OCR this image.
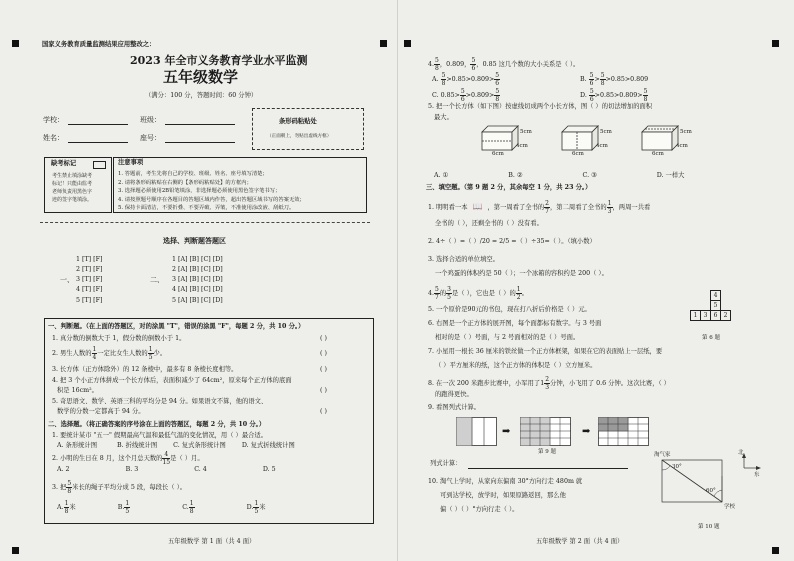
国家义务教育质量监测结果应用整改之：
2023 年全市义务教育学业水平监测
五年级数学
（满分：100 分，答题时间：60 分钟）
学校：	班级：
姓名：	座号：
条形码粘贴处
（正面朝上，勿贴出虚线方框）
缺考标记
考生禁止填涂缺考
标记！只能由监考
老师负责用黑色字
迹的签字笔填涂。
注意事项
1. 答题前，考生先将自己的学校、班级、姓名、座号填写清楚；
2. 请将条形码粘贴在右侧的【条形码粘贴处】的方框内；
3. 选择题必须使用2B铅笔填涂，非选择题必须使用黑色签字笔书写；
4. 请按照题号顺序在各题目的答题区域内作答，超出答题区域书写的答案无效；
5. 保持卡面清洁，不要折叠、不要弄破、弄皱，不准使用涂改液、刮纸刀。
选择、判断题答题区
一、
1 [T] [F]
2 [T] [F]
3 [T] [F]
4 [T] [F]
5 [T] [F]
二、
1 [A] [B] [C] [D]
2 [A] [B] [C] [D]
3 [A] [B] [C] [D]
4 [A] [B] [C] [D]
5 [A] [B] [C] [D]
一、判断题。（在上面的答题区，对的涂黑 "T"，错误的涂黑 "F"，每题 2 分，共 10 分。）
1. 真分数的倒数大于 1，假分数的倒数小于 1。	( )
2. 男生人数的 $\frac{1}{4}$ 一定比女生人数的 $\frac{1}{5}$ 少。	( )
3. 长方体（正方体除外）的 12 条棱中，最多有 8 条棱长度相等。	( )
4. 把 3 个小正方体拼成一个长方体后，表面积减少了 64cm²，原来每个正方体的底面
积是 16cm²。	( )
5. 奇思语文、数学、英语三科的平均分是 94 分。如果语文不算，他的语文、
数学的分数一定都高于 94 分。	( )
二、选择题。（将正确答案的序号涂在上面的答题区，每题 2 分，共 10 分。）
1. 要统计某市 "五一" 假期最高气温和最低气温的变化情况，用（ ）最合适。
A. 条形统计图	B. 折线统计图	C. 复式条形统计图	D. 复式折线统计图
2. 小明的生日在 8 月，这个月总天数的 $\frac{4}{15}$ 是（ ）月。
A. 2	B. 3	C. 4	D. 5
3. 把 $\frac{5}{8}$ 米长的绳子平均分成 5 段，每段长（ ）。
A. $\frac{1}{8}$ 米	B. $\frac{1}{5}$	C. $\frac{1}{8}$	D. $\frac{1}{5}$ 米
五年级数学 第 1 面（共 4 面）
4. $\frac{5}{8}$ ，0.809， $\frac{5}{6}$ ，0.85 这几个数的大小关系是（ ）。
A. $\frac{5}{8} >0.85>0.809> \frac{5}{6}$	B. $\frac{5}{6} > \frac{5}{8} >0.85>0.809$
C. $0.85> \frac{5}{6} >0.809> \frac{5}{8}$	D. $\frac{5}{6} >0.85>0.809> \frac{5}{8}$
5. 把一个长方体（如下图）按虚线切成两个小长方体，图（ ）的切法增加的面积
最大。
5cm
4cm
6cm
5cm
4cm
6cm
5cm
4cm
6cm
A. ①	B. ②	C. ③	D. 一样大
三、填空题。（第 9 题 2 分，其余每空 1 分，共 23 分。）
1. 明明看一本 📖 ，第一周看了全书的 $\frac{2}{7}$ ，第二周看了全书的 $\frac{1}{3}$ ，两周一共看
全书的（ ），还剩全书的（ ）没有看。
2. 4÷（ ）=（ ）/20 = 2/5 =（ ）÷35=（ ）。（填小数）
3. 选择合适的单位填空。
一个鸡蛋的体积约是 50（ ）；一个冰箱的容积约是 200（ ）。
4. $\frac{5}{7}$ 的 $\frac{3}{5}$ 是（ ），它也是（ ）的 $\frac{1}{2}$ 。
5. 一个原价是90元的书包，现在打八折后价格是（ ）元。
6. 右图是一个正方体的展开图，每个面都标有数字。与 3 号面
相对的是（ ）号面，与 2 号面相对的是（ ）号面。
4
5
1	3	6	2
第 6 题
7. 小星用一根长 36 厘米的铁丝做一个正方体框架，如果在它的表面贴上一层纸，要
（ ）平方厘米的纸，这个正方体的体积是（ ）立方厘米。
8. 在一次 200 米跑步比赛中，小军用了$1 \frac{2}{3}$ 分钟，小飞用了 0.6 分钟。这次比赛，（ ）
的跑得更快。
9. 看图列式计算。
➡	➡
第 9 题
列式计算：
10. 淘气上学时，从家向东偏南 30°方向行走 480m 就
可到达学校，放学时，如果原路返回，那么他
偏（ ）（ ）°方向行走（ ）。
淘气家	北
东
30°
60°
学校
第 10 题
五年级数学 第 2 面（共 4 面）
